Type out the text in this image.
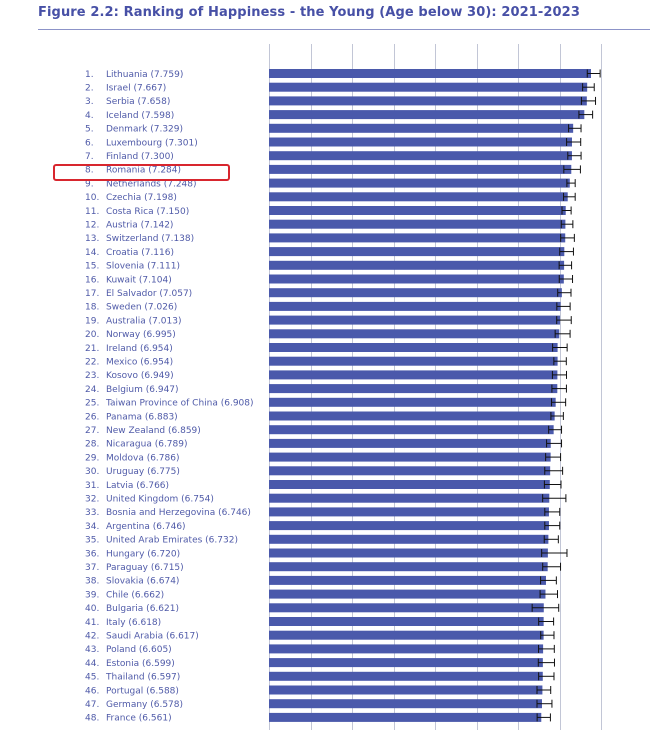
Figure 2.2: Ranking of Happiness - the Young (Age below 30): 2021-2023
1. Lithuania (7.759)
2. Israel (7.667)
3. Serbia (7.658)
4. Iceland (7.598)
5. Denmark (7.329)
6. Luxembourg (7.301)
7. Finland (7.300)
8. Romania (7.284)
9. Netherlands (7.248)
10. Czechia (7.198)
11. Costa Rica (7.150)
12. Austria (7.142)
13. Switzerland (7.138)
14. Croatia (7.116)
15. Slovenia (7.111)
16. Kuwait (7.104)
17. El Salvador (7.057)
18. Sweden (7.026)
19. Australia (7.013)
20. Norway (6.995)
21. Ireland (6.954)
22. Mexico (6.954)
23. Kosovo (6.949)
24. Belgium (6.947)
25. Taiwan Province of China (6.908)
26. Panama (6.883)
27. New Zealand (6.859)
28. Nicaragua (6.789)
29. Moldova (6.786)
30. Uruguay (6.775)
31. Latvia (6.766)
32. United Kingdom (6.754)
33. Bosnia and Herzegovina (6.746)
34. Argentina (6.746)
35. United Arab Emirates (6.732)
36. Hungary (6.720)
37. Paraguay (6.715)
38. Slovakia (6.674)
39. Chile (6.662)
40. Bulgaria (6.621)
41. Italy (6.618)
42. Saudi Arabia (6.617)
43. Poland (6.605)
44. Estonia (6.599)
45. Thailand (6.597)
46. Portugal (6.588)
47. Germany (6.578)
48. France (6.561)
